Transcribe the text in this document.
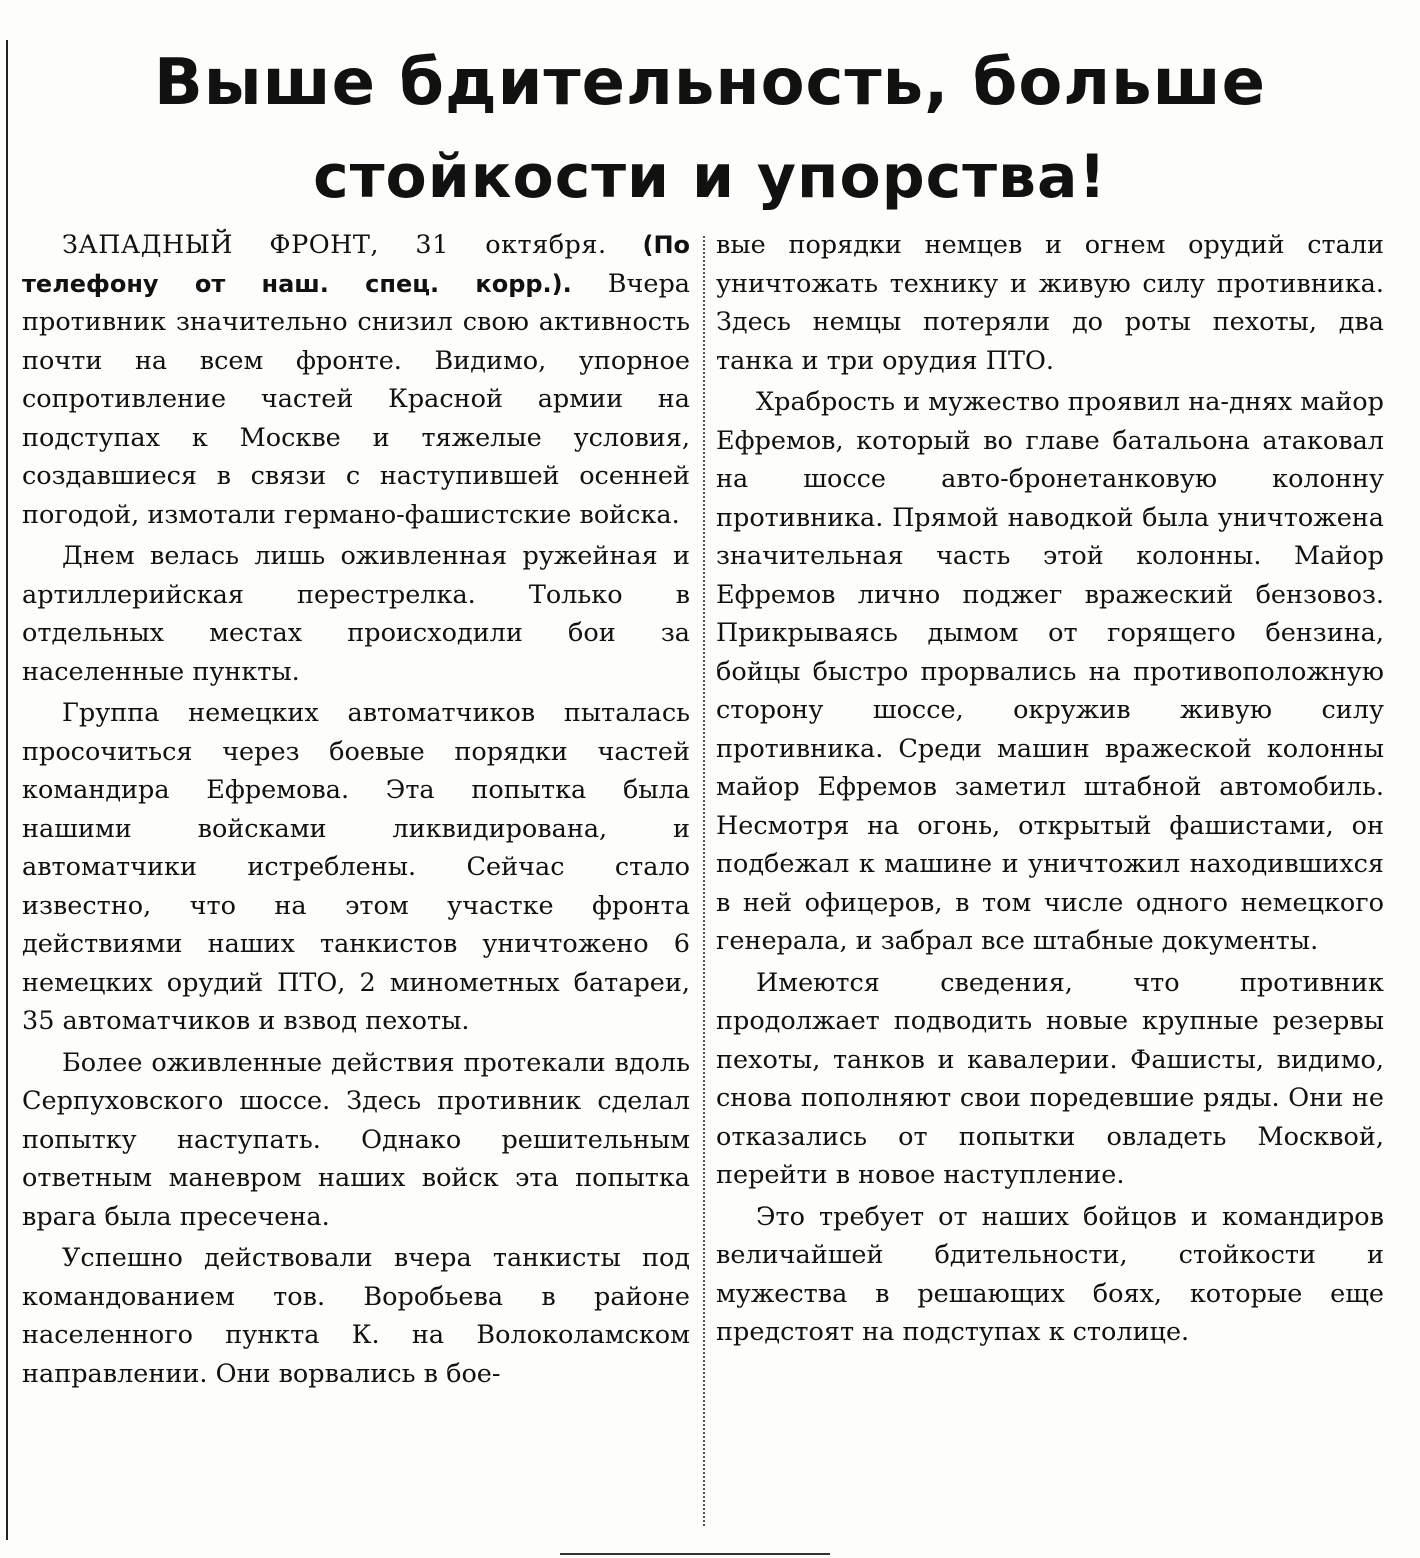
Выше бдительность, больше
стойкости и упорства!

ЗАПАДНЫЙ ФРОНТ, 31 октября. (По телефону от наш. спец. корр.). Вчера противник значительно снизил свою активность почти на всем фронте. Видимо, упорное сопротивление частей Красной армии на подступах к Москве и тяжелые условия, создавшиеся в связи с наступившей осенней погодой, измотали германо-фашистские войска.

Днем велась лишь оживленная ружейная и артиллерийская перестрелка. Только в отдельных местах происходили бои за населенные пункты.

Группа немецких автоматчиков пыталась просочиться через боевые порядки частей командира Ефремова. Эта попытка была нашими войсками ликвидирована, и автоматчики истреблены. Сейчас стало известно, что на этом участке фронта действиями наших танкистов уничтожено 6 немецких орудий ПТО, 2 минометных батареи, 35 автоматчиков и взвод пехоты.

Более оживленные действия протекали вдоль Серпуховского шоссе. Здесь противник сделал попытку наступать. Однако решительным ответным маневром наших войск эта попытка врага была пресечена.

Успешно действовали вчера танкисты под командованием тов. Воробьева в районе населенного пункта К. на Волоколамском направлении. Они ворвались в бое-

вые порядки немцев и огнем орудий стали уничтожать технику и живую силу противника. Здесь немцы потеряли до роты пехоты, два танка и три орудия ПТО.

Храбрость и мужество проявил на-днях майор Ефремов, который во главе батальона атаковал на шоссе авто-бронетанковую колонну противника. Прямой наводкой была уничтожена значительная часть этой колонны. Майор Ефремов лично поджег вражеский бензовоз. Прикрываясь дымом от горящего бензина, бойцы быстро прорвались на противоположную сторону шоссе, окружив живую силу противника. Среди машин вражеской колонны майор Ефремов заметил штабной автомобиль. Несмотря на огонь, открытый фашистами, он подбежал к машине и уничтожил находившихся в ней офицеров, в том числе одного немецкого генерала, и забрал все штабные документы.

Имеются сведения, что противник продолжает подводить новые крупные резервы пехоты, танков и кавалерии. Фашисты, видимо, снова пополняют свои поредевшие ряды. Они не отказались от попытки овладеть Москвой, перейти в новое наступление.

Это требует от наших бойцов и командиров величайшей бдительности, стойкости и мужества в решающих боях, которые еще предстоят на подступах к столице.
